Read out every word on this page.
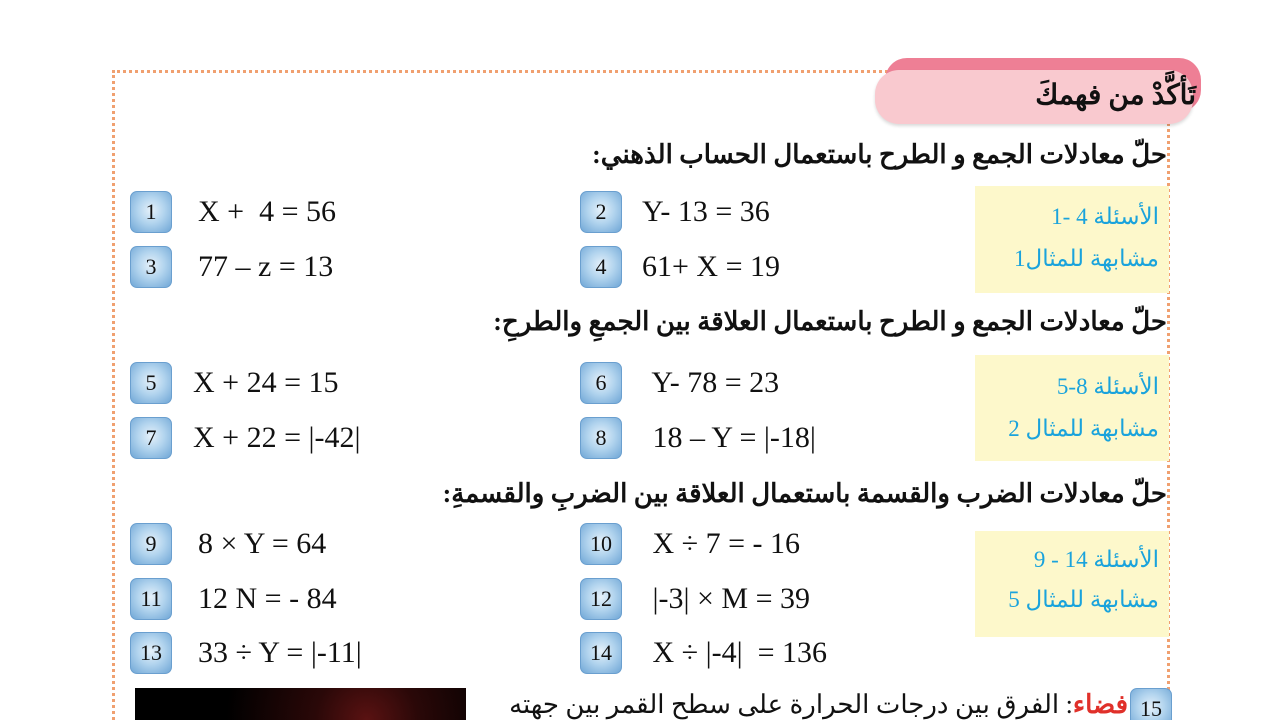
تَأكَّدْ من فهمكَ
حلّ معادلات الجمع و الطرح باستعمال الحساب الذهني:
1	X +  4 = 56	2	Y- 13 = 36
3	77 – z = 13	4	61+ X = 19
الأسئلة 4 -1
مشابهة للمثال1
حلّ معادلات الجمع و الطرح باستعمال العلاقة بين الجمعِ والطرحِ:
5	X + 24 = 15	6	Y- 78 = 23
7	X + 22 = |-42|	8	18 – Y = |-18|
الأسئلة 8-5
مشابهة للمثال 2
حلّ معادلات الضرب والقسمة باستعمال العلاقة بين الضربِ والقسمةِ:
9	8 × Y = 64	10	X ÷ 7 = - 16
11	12 N = - 84	12	|-3| × M = 39
13	33 ÷ Y = |-11|	14	X ÷ |-4|  = 136
الأسئلة 14 - 9
مشابهة للمثال 5
15
فضاء: الفرق بين درجات الحرارة على سطح القمر بين جهته
